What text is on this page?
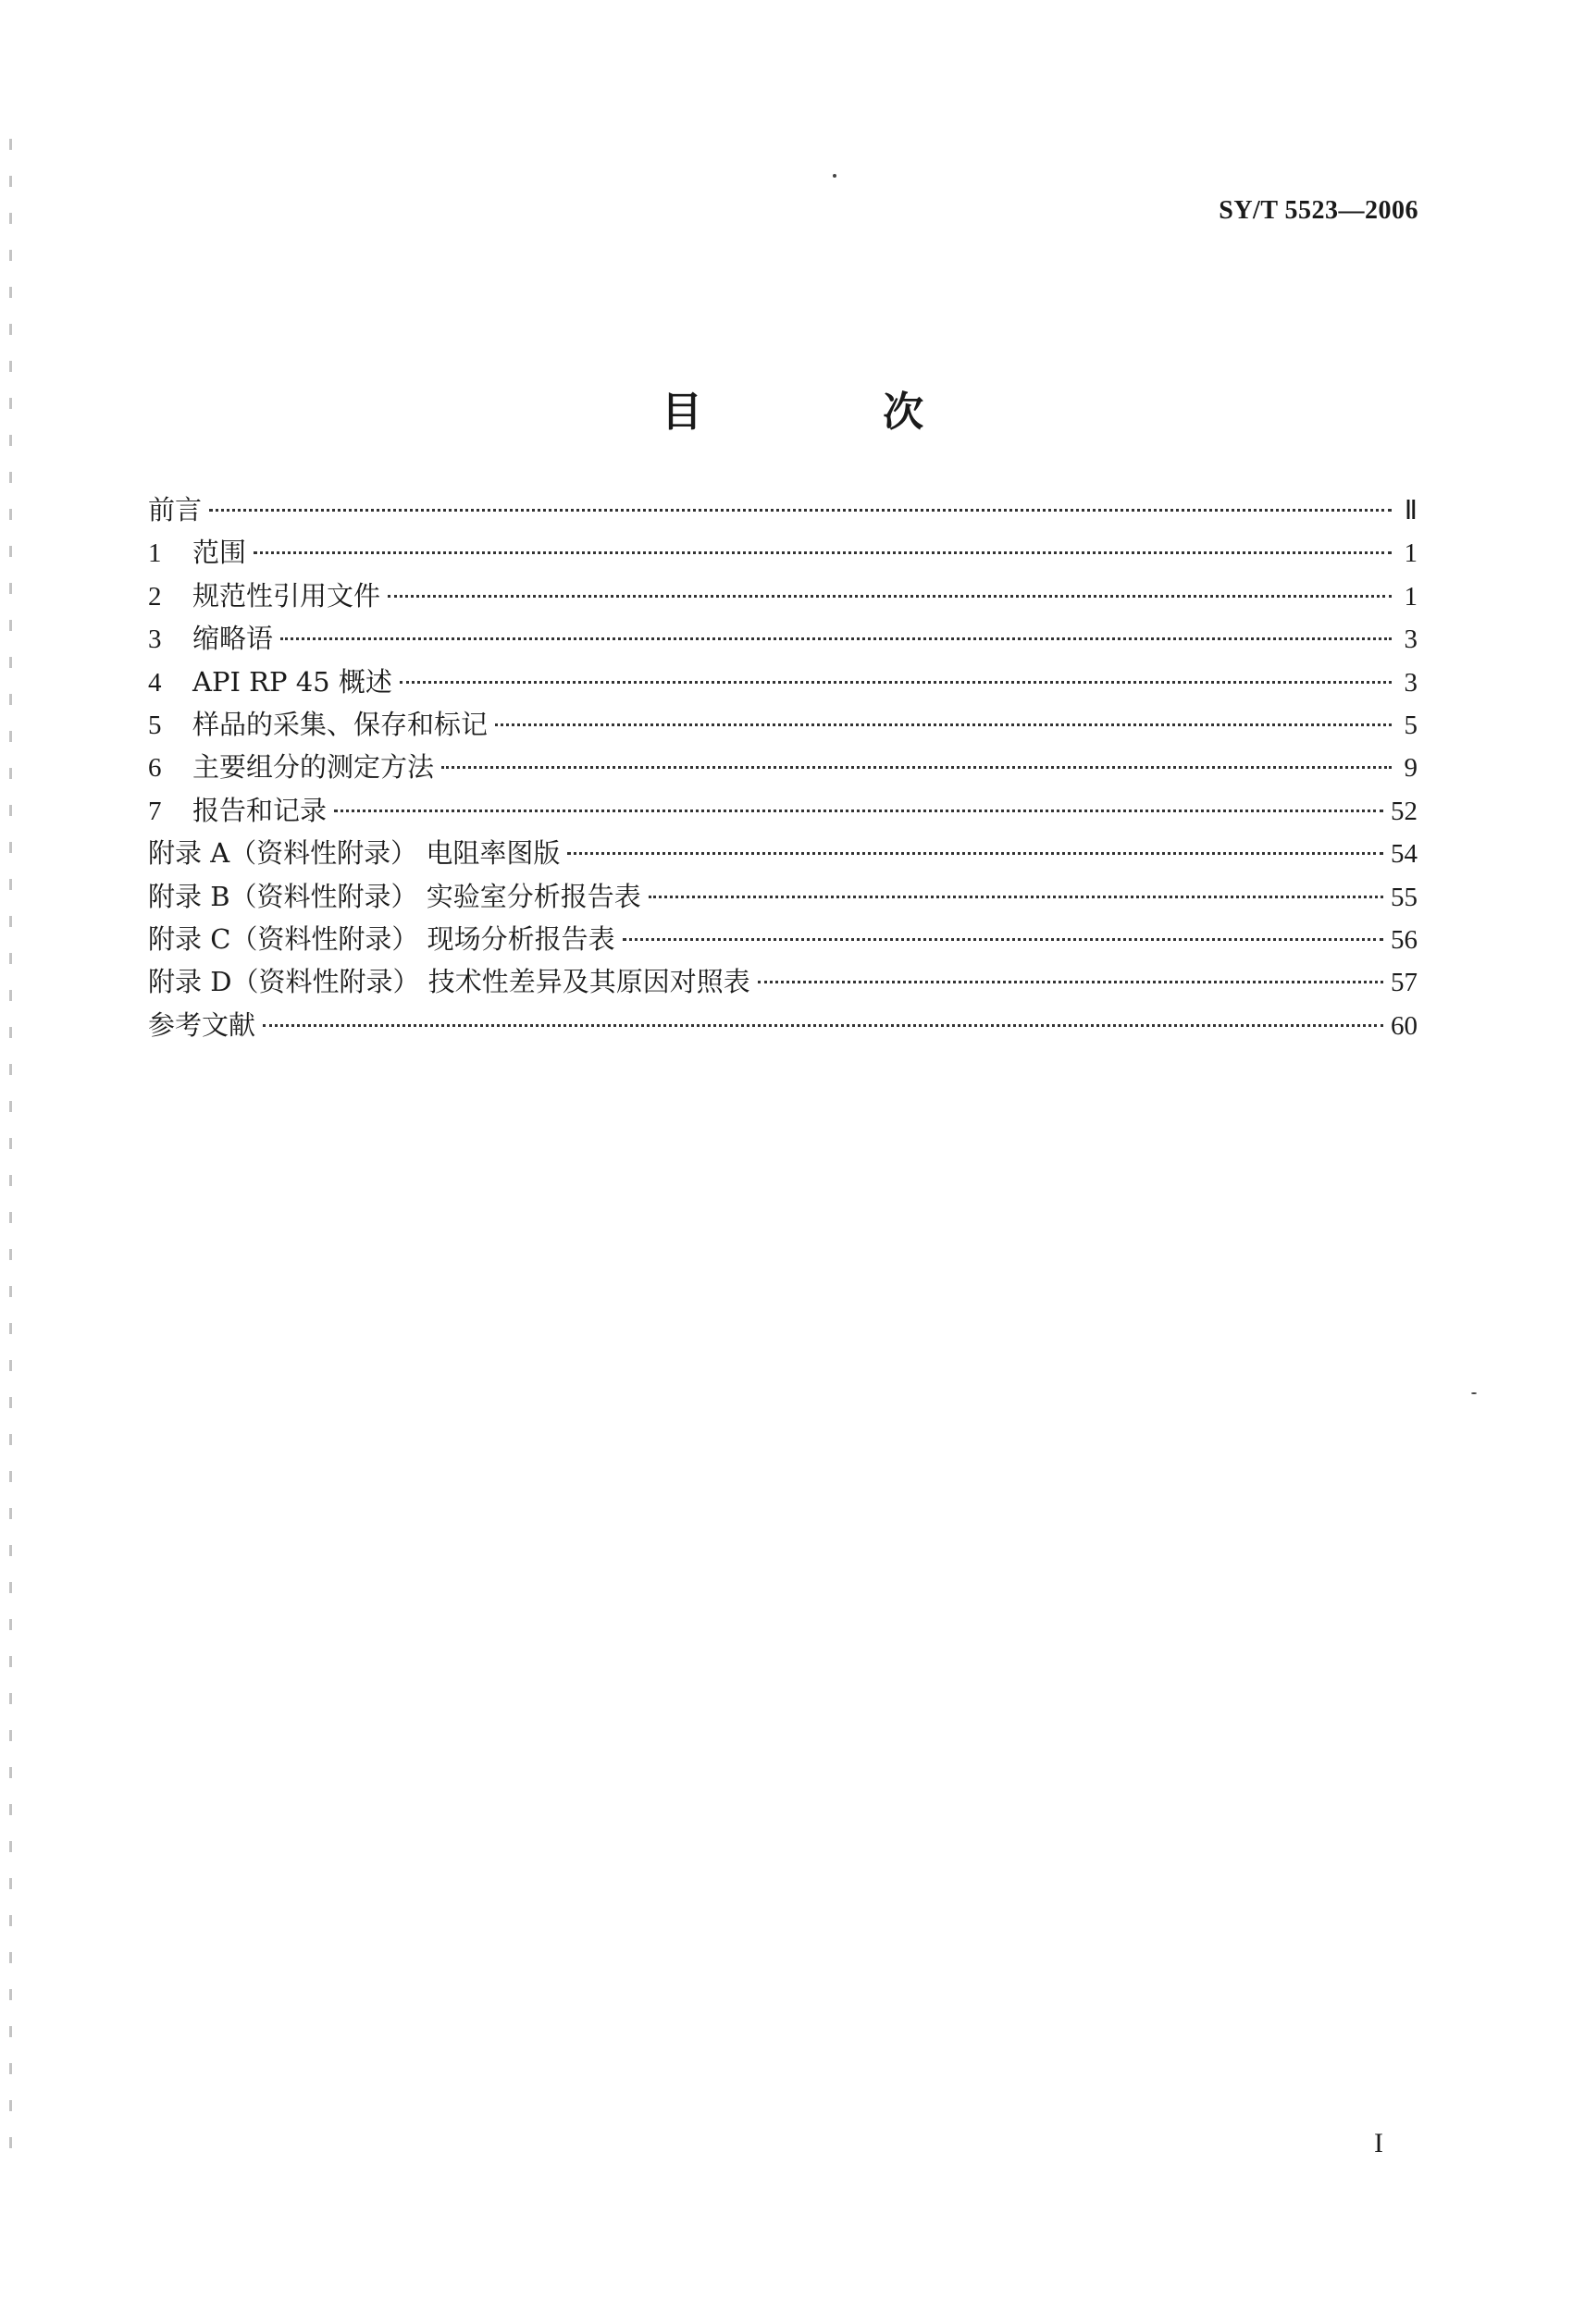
SY/T 5523—2006
目 次
前言	Ⅱ
1	范围	1
2	规范性引用文件	1
3	缩略语	3
4	API RP 45 概述	3
5	样品的采集、保存和标记	5
6	主要组分的测定方法	9
7	报告和记录	52
附录 A（资料性附录） 电阻率图版	54
附录 B（资料性附录） 实验室分析报告表	55
附录 C（资料性附录） 现场分析报告表	56
附录 D（资料性附录） 技术性差异及其原因对照表	57
参考文献	60
I
